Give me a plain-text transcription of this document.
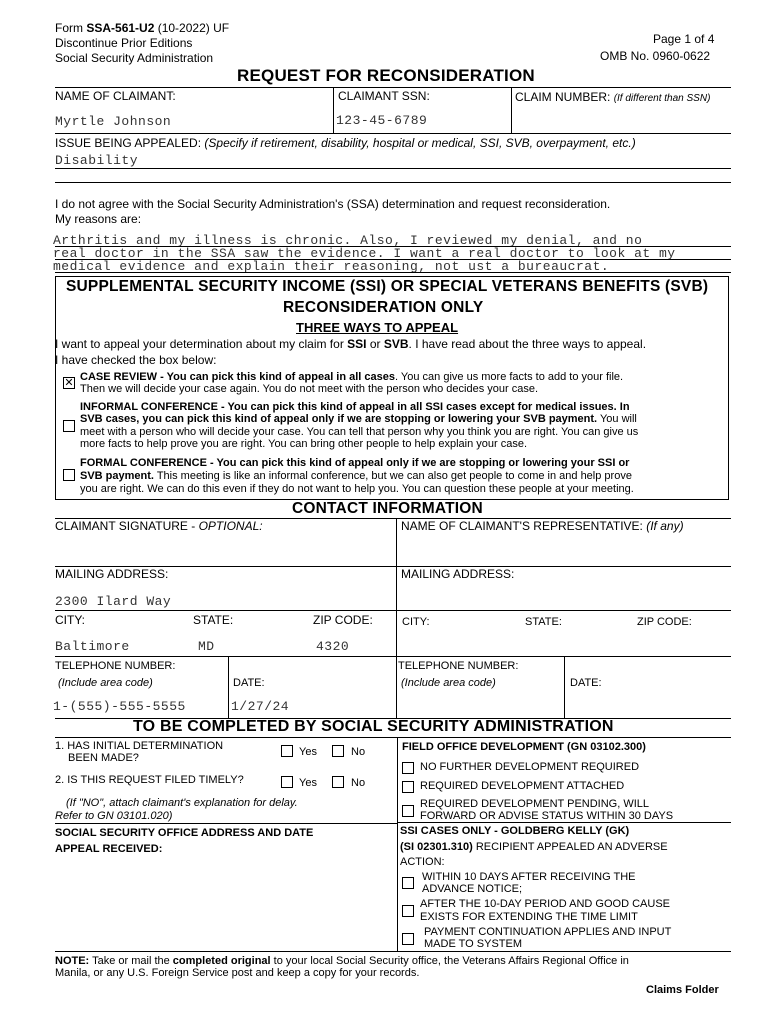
Form SSA-561-U2 (10-2022) UF
Discontinue Prior Editions
Social Security Administration
Page 1 of 4
OMB No. 0960-0622
REQUEST FOR RECONSIDERATION
NAME OF CLAIMANT:	CLAIMANT SSN:	CLAIM NUMBER: (If different than SSN)
Myrtle Johnson	123-45-6789
ISSUE BEING APPEALED: (Specify if retirement, disability, hospital or medical, SSI, SVB, overpayment, etc.)
Disability
I do not agree with the Social Security Administration's (SSA) determination and request reconsideration.
My reasons are:
Arthritis and my illness is chronic. Also, I reviewed my denial, and no
real doctor in the SSA saw the evidence. I want a real doctor to look at my
medical evidence and explain their reasoning, not ust a bureaucrat.
SUPPLEMENTAL SECURITY INCOME (SSI) OR SPECIAL VETERANS BENEFITS (SVB)
RECONSIDERATION ONLY
THREE WAYS TO APPEAL
I want to appeal your determination about my claim for SSI or SVB. I have read about the three ways to appeal.
I have checked the box below:
✕ CASE REVIEW - You can pick this kind of appeal in all cases. You can give us more facts to add to your file.
Then we will decide your case again. You do not meet with the person who decides your case.
INFORMAL CONFERENCE - You can pick this kind of appeal in all SSI cases except for medical issues. In
SVB cases, you can pick this kind of appeal only if we are stopping or lowering your SVB payment. You will
meet with a person who will decide your case. You can tell that person why you think you are right. You can give us
more facts to help prove you are right. You can bring other people to help explain your case.
FORMAL CONFERENCE - You can pick this kind of appeal only if we are stopping or lowering your SSI or
SVB payment. This meeting is like an informal conference, but we can also get people to come in and help prove
you are right. We can do this even if they do not want to help you. You can question these people at your meeting.
CONTACT INFORMATION
CLAIMANT SIGNATURE - OPTIONAL:	NAME OF CLAIMANT'S REPRESENTATIVE: (If any)
MAILING ADDRESS:
2300 Ilard Way
MAILING ADDRESS:
CITY:	STATE:	ZIP CODE:
Baltimore	MD	4320
CITY:	STATE:	ZIP CODE:
TELEPHONE NUMBER:
(Include area code)	DATE:
1-(555)-555-5555	1/27/24
TELEPHONE NUMBER:
(Include area code)	DATE:
TO BE COMPLETED BY SOCIAL SECURITY ADMINISTRATION
1. HAS INITIAL DETERMINATION
BEEN MADE?	Yes	No
2. IS THIS REQUEST FILED TIMELY?	Yes	No
(If "NO", attach claimant's explanation for delay.
Refer to GN 03101.020)
SOCIAL SECURITY OFFICE ADDRESS AND DATE
APPEAL RECEIVED:
FIELD OFFICE DEVELOPMENT (GN 03102.300)
NO FURTHER DEVELOPMENT REQUIRED
REQUIRED DEVELOPMENT ATTACHED
REQUIRED DEVELOPMENT PENDING, WILL
FORWARD OR ADVISE STATUS WITHIN 30 DAYS
SSI CASES ONLY - GOLDBERG KELLY (GK)
(SI 02301.310) RECIPIENT APPEALED AN ADVERSE
ACTION:
WITHIN 10 DAYS AFTER RECEIVING THE
ADVANCE NOTICE;
AFTER THE 10-DAY PERIOD AND GOOD CAUSE
EXISTS FOR EXTENDING THE TIME LIMIT
PAYMENT CONTINUATION APPLIES AND INPUT
MADE TO SYSTEM
NOTE: Take or mail the completed original to your local Social Security office, the Veterans Affairs Regional Office in
Manila, or any U.S. Foreign Service post and keep a copy for your records.
Claims Folder
